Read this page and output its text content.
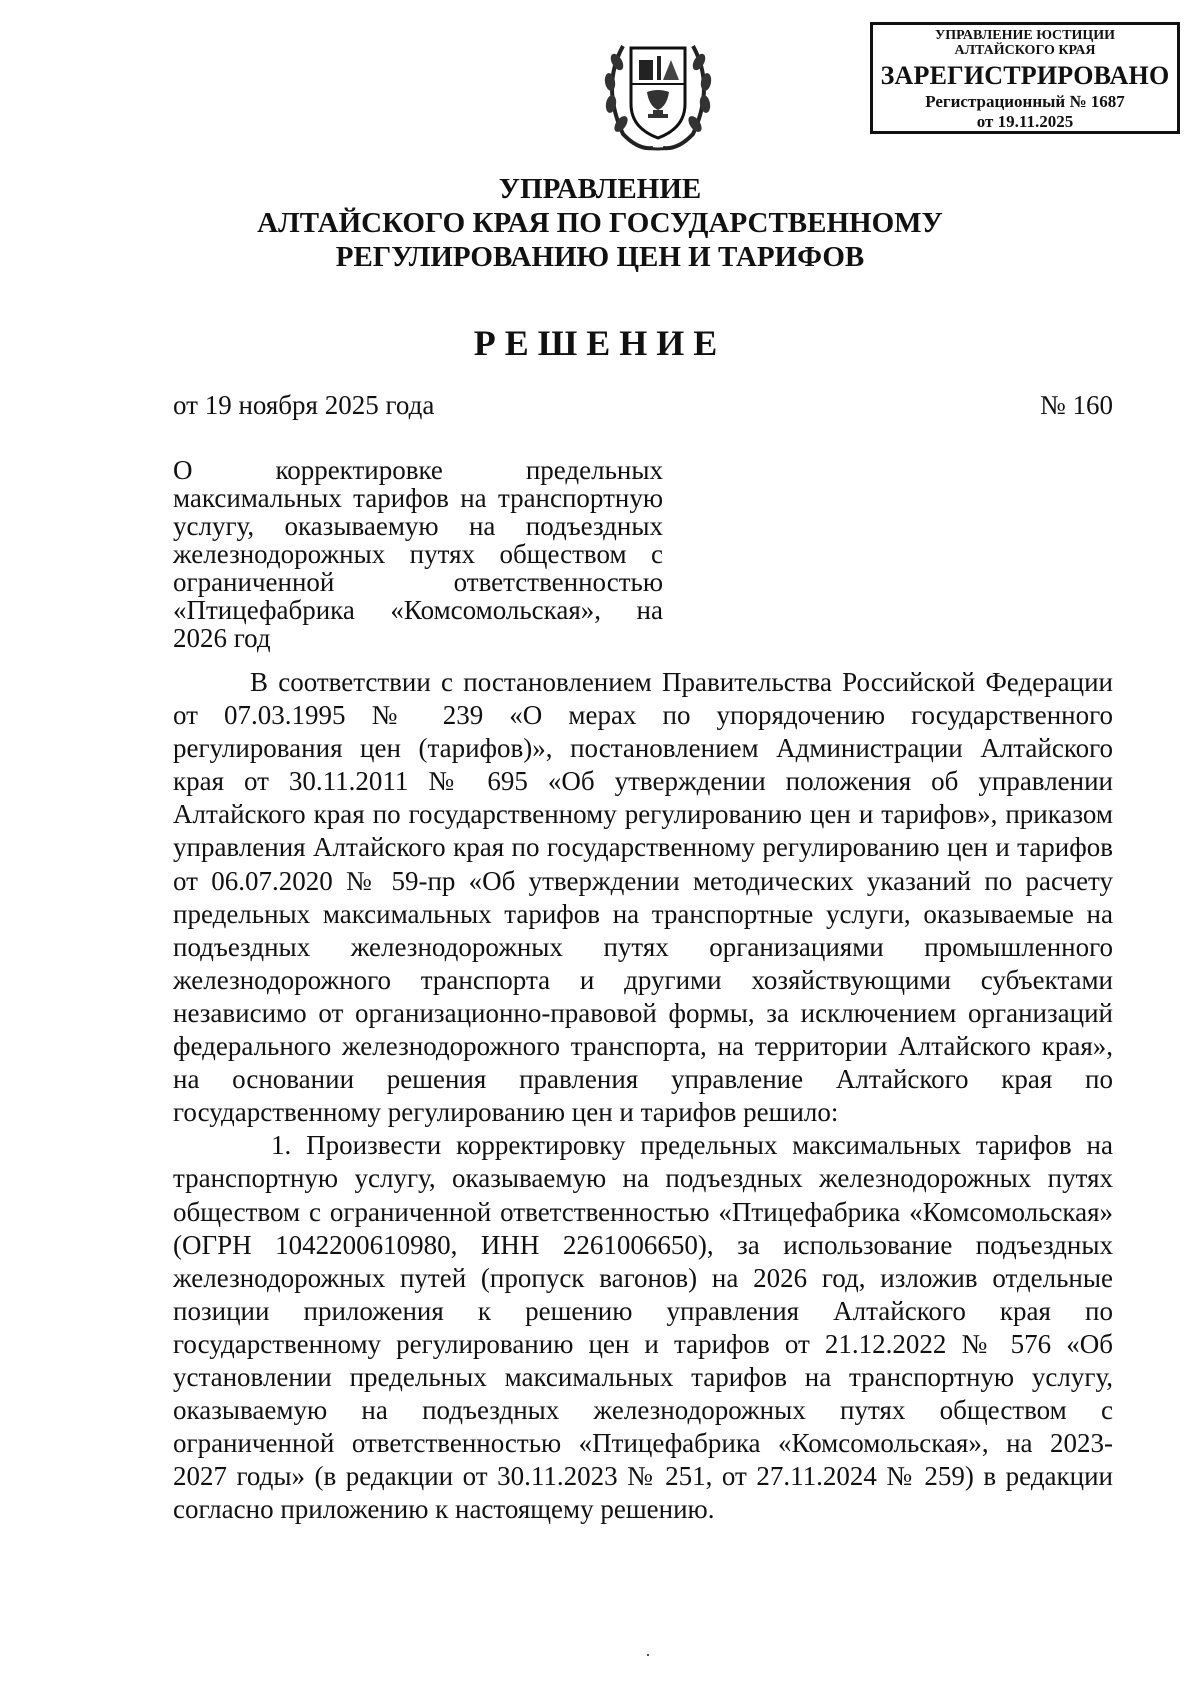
УПРАВЛЕНИЕ ЮСТИЦИИ
АЛТАЙСКОГО КРАЯ
ЗАРЕГИСТРИРОВАНО
Регистрационный № 1687
от 19.11.2025
УПРАВЛЕНИЕ
АЛТАЙСКОГО КРАЯ ПО ГОСУДАРСТВЕННОМУ
РЕГУЛИРОВАНИЮ ЦЕН И ТАРИФОВ
РЕШЕНИЕ
от 19 ноября 2025 года	№ 160
О корректировке предельных максимальных тарифов на транспортную услугу, оказываемую на подъездных железнодорожных путях обществом с ограниченной ответственностью «Птицефабрика «Комсомольская», на 2026 год

В соответствии с постановлением Правительства Российской Федерации от 07.03.1995 № 239 «О мерах по упорядочению государственного регулирования цен (тарифов)», постановлением Администрации Алтайского края от 30.11.2011 № 695 «Об утверждении положения об управлении Алтайского края по государственному регулированию цен и тарифов», приказом управления Алтайского края по государственному регулированию цен и тарифов от 06.07.2020 № 59-пр «Об утверждении методических указаний по расчету предельных максимальных тарифов на транспортные услуги, оказываемые на подъездных железнодорожных путях организациями промышленного железнодорожного транспорта и другими хозяйствующими субъектами независимо от организационно-правовой формы, за исключением организаций федерального железнодорожного транспорта, на территории Алтайского края», на основании решения правления управление Алтайского края по государственному регулированию цен и тарифов решило:

1. Произвести корректировку предельных максимальных тарифов на транспортную услугу, оказываемую на подъездных железнодорожных путях обществом с ограниченной ответственностью «Птицефабрика «Комсомольская» (ОГРН 1042200610980, ИНН 2261006650), за использование подъездных железнодорожных путей (пропуск вагонов) на 2026 год, изложив отдельные позиции приложения к решению управления Алтайского края по государственному регулированию цен и тарифов от 21.12.2022 № 576 «Об установлении предельных максимальных тарифов на транспортную услугу, оказываемую на подъездных железнодорожных путях обществом с ограниченной ответственностью «Птицефабрика «Комсомольская», на 2023-2027 годы» (в редакции от 30.11.2023 № 251, от 27.11.2024 № 259) в редакции согласно приложению к настоящему решению.
